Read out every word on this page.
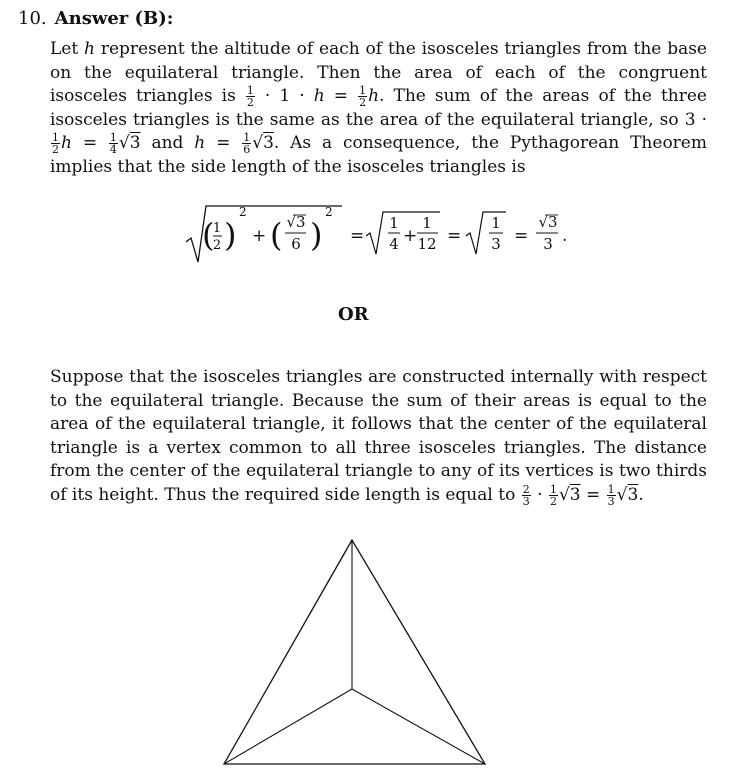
10. Answer (B):

Let h represent the altitude of each of the isosceles triangles from the base on the equilateral triangle. Then the area of each of the congruent isosceles triangles is $\frac{1}{2} \cdot 1 \cdot h = \frac{1}{2} h$. The sum of the areas of the three isosceles triangles is the same as the area of the equilateral triangle, so 3 ·
$\frac{1}{2}$ $h = \frac{1}{4} √3$ and $h = \frac{1}{6} √3$. As a consequence, the Pythagorean Theorem implies that the side length of the isosceles triangles is

(
1
2 )
2
+ ( √3
6 )
2
=
1
4 +
1
12 =
1
3 =
√3
3 .
OR

Suppose that the isosceles triangles are constructed internally with respect to the equilateral triangle. Because the sum of their areas is equal to the area of the equilateral triangle, it follows that the center of the equilateral triangle is a vertex common to all three isosceles triangles. The distance from the center of the equilateral triangle to any of its vertices is two thirds of its height. Thus the required side length is equal to $\frac{2}{3} \cdot \frac{1}{2} √3 = \frac{1}{3} √3$.
